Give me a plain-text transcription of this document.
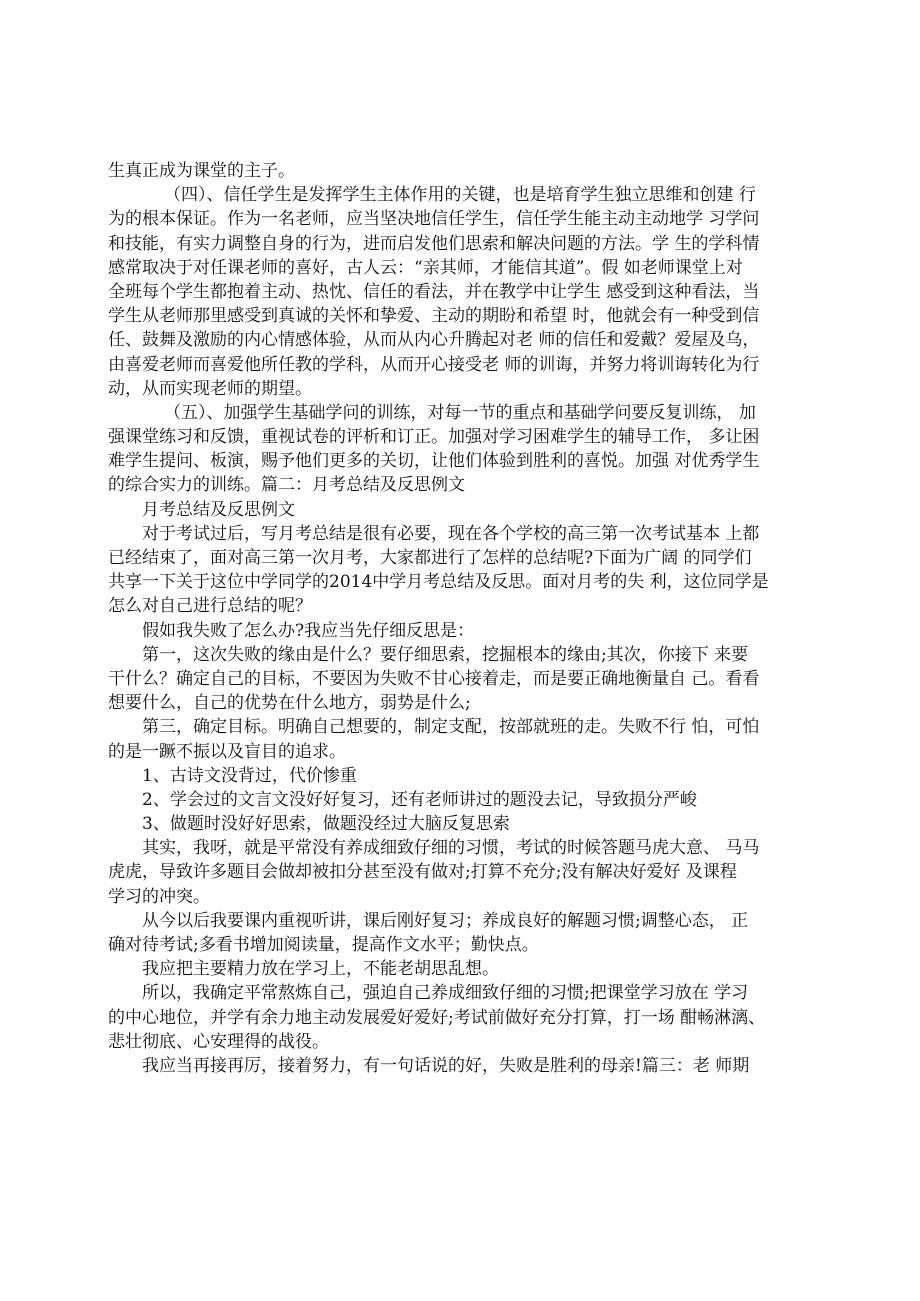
生真正成为课堂的主子。
（四）、信任学生是发挥学生主体作用的关键，也是培育学生独立思维和创建 行
为的根本保证。作为一名老师，应当坚决地信任学生，信任学生能主动主动地学 习学问
和技能，有实力调整自身的行为，进而启发他们思索和解决问题的方法。学 生的学科情
感常取决于对任课老师的喜好，古人云：“亲其师，才能信其道”。假 如老师课堂上对
全班每个学生都抱着主动、热忱、信任的看法，并在教学中让学生 感受到这种看法，当
学生从老师那里感受到真诚的关怀和挚爱、主动的期盼和希望 时，他就会有一种受到信
任、鼓舞及激励的内心情感体验，从而从内心升腾起对老 师的信任和爱戴？爱屋及乌，
由喜爱老师而喜爱他所任教的学科，从而开心接受老 师的训诲，并努力将训诲转化为行
动，从而实现老师的期望。
（五）、加强学生基础学问的训练，对每一节的重点和基础学问要反复训练， 加
强课堂练习和反馈，重视试卷的评析和订正。加强对学习困难学生的辅导工作， 多让困
难学生提问、板演，赐予他们更多的关切，让他们体验到胜利的喜悦。加强 对优秀学生
的综合实力的训练。篇二：月考总结及反思例文
月考总结及反思例文
对于考试过后，写月考总结是很有必要，现在各个学校的高三第一次考试基本 上都
已经结束了，面对高三第一次月考，大家都进行了怎样的总结呢?下面为广阔 的同学们
共享一下关于这位中学同学的2014中学月考总结及反思。面对月考的失 利，这位同学是
怎么对自己进行总结的呢？
假如我失败了怎么办?我应当先仔细反思是：
第一，这次失败的缘由是什么？要仔细思索，挖掘根本的缘由;其次，你接下 来要
干什么？确定自己的目标，不要因为失败不甘心接着走，而是要正确地衡量自 己。看看
想要什么，自己的优势在什么地方，弱势是什么;
第三，确定目标。明确自己想要的，制定支配，按部就班的走。失败不行 怕，可怕
的是一蹶不振以及盲目的追求。
1、古诗文没背过，代价惨重
2、学会过的文言文没好好复习，还有老师讲过的题没去记，导致损分严峻
3、做题时没好好思索，做题没经过大脑反复思索
其实，我呀，就是平常没有养成细致仔细的习惯，考试的时候答题马虎大意、 马马
虎虎，导致许多题目会做却被扣分甚至没有做对;打算不充分;没有解决好爱好 及课程
学习的冲突。
从今以后我要课内重视听讲，课后刚好复习；养成良好的解题习惯;调整心态， 正
确对待考试;多看书增加阅读量，提高作文水平；勤快点。
我应把主要精力放在学习上，不能老胡思乱想。
所以，我确定平常熬炼自己，强迫自己养成细致仔细的习惯;把课堂学习放在 学习
的中心地位，并学有余力地主动发展爱好爱好;考试前做好充分打算，打一场 酣畅淋漓、
悲壮彻底、心安理得的战役。
我应当再接再厉，接着努力，有一句话说的好，失败是胜利的母亲!篇三：老 师期
